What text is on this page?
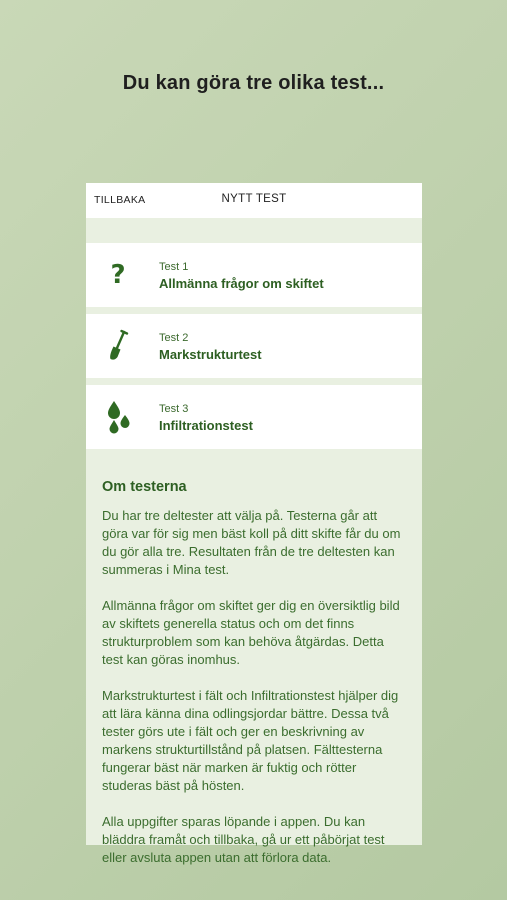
Du kan göra tre olika test...
TILLBAKA	NYTT TEST
?	Test 1
Allmänna frågor om skiftet
Test 2
Markstrukturtest
Test 3
Infiltrationstest
Om testerna

Du har tre deltester att välja på. Testerna går att göra var för sig men bäst koll på ditt skifte får du om du gör alla tre. Resultaten från de tre deltesten kan summeras i Mina test.

Allmänna frågor om skiftet ger dig en översiktlig bild av skiftets generella status och om det finns strukturproblem som kan behöva åtgärdas. Detta test kan göras inomhus.

Markstrukturtest i fält och Infiltrationstest hjälper dig att lära känna dina odlingsjordar bättre. Dessa två tester görs ute i fält och ger en beskrivning av markens strukturtillstånd på platsen. Fälttesterna fungerar bäst när marken är fuktig och rötter studeras bäst på hösten.

Alla uppgifter sparas löpande i appen. Du kan bläddra framåt och tillbaka, gå ur ett påbörjat test eller avsluta appen utan att förlora data.
